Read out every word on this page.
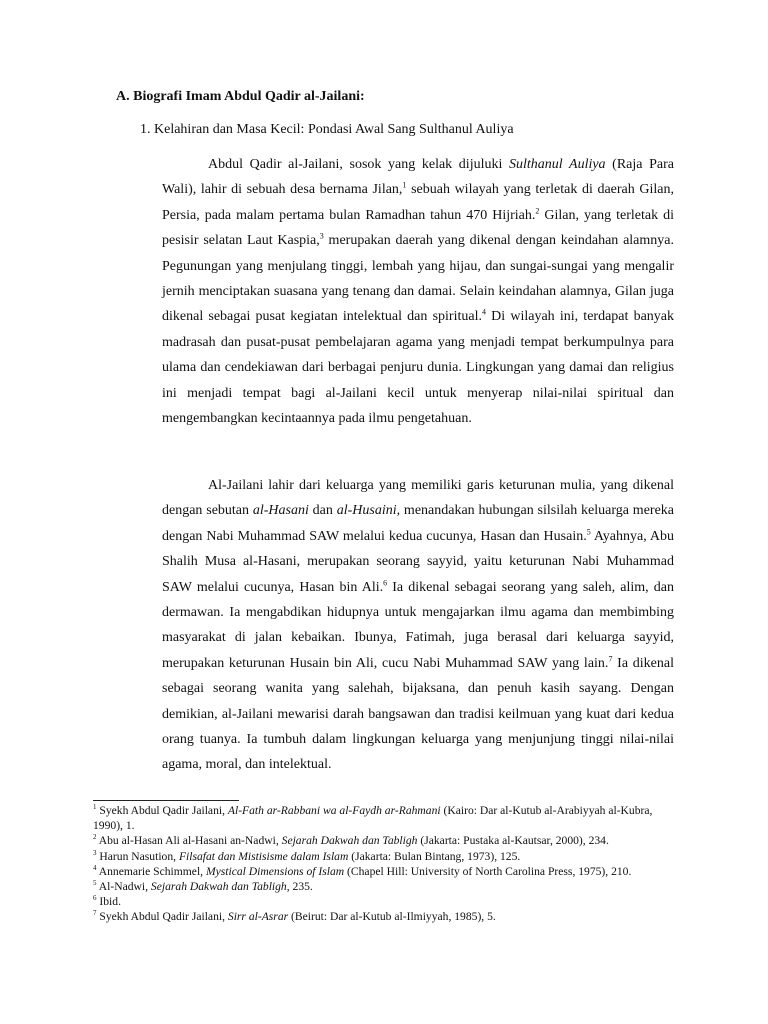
A. Biografi Imam Abdul Qadir al-Jailani:

1. Kelahiran dan Masa Kecil: Pondasi Awal Sang Sulthanul Auliya

Abdul Qadir al-Jailani, sosok yang kelak dijuluki Sulthanul Auliya (Raja Para Wali), lahir di sebuah desa bernama Jilan,$^1$ sebuah wilayah yang terletak di daerah Gilan, Persia, pada malam pertama bulan Ramadhan tahun 470 Hijriah.$^2$ Gilan, yang terletak di pesisir selatan Laut Kaspia,$^3$ merupakan daerah yang dikenal dengan keindahan alamnya. Pegunungan yang menjulang tinggi, lembah yang hijau, dan sungai-sungai yang mengalir jernih menciptakan suasana yang tenang dan damai. Selain keindahan alamnya, Gilan juga dikenal sebagai pusat kegiatan intelektual dan spiritual.$^4$ Di wilayah ini, terdapat banyak madrasah dan pusat-pusat pembelajaran agama yang menjadi tempat berkumpulnya para ulama dan cendekiawan dari berbagai penjuru dunia. Lingkungan yang damai dan religius ini menjadi tempat bagi al-Jailani kecil untuk menyerap nilai-nilai spiritual dan mengembangkan kecintaannya pada ilmu pengetahuan.

Al-Jailani lahir dari keluarga yang memiliki garis keturunan mulia, yang dikenal dengan sebutan al-Hasani dan al-Husaini, menandakan hubungan silsilah keluarga mereka dengan Nabi Muhammad SAW melalui kedua cucunya, Hasan dan Husain.$^5$ Ayahnya, Abu Shalih Musa al-Hasani, merupakan seorang sayyid, yaitu keturunan Nabi Muhammad SAW melalui cucunya, Hasan bin Ali.$^6$ Ia dikenal sebagai seorang yang saleh, alim, dan dermawan. Ia mengabdikan hidupnya untuk mengajarkan ilmu agama dan membimbing masyarakat di jalan kebaikan. Ibunya, Fatimah, juga berasal dari keluarga sayyid, merupakan keturunan Husain bin Ali, cucu Nabi Muhammad SAW yang lain.$^7$ Ia dikenal sebagai seorang wanita yang salehah, bijaksana, dan penuh kasih sayang. Dengan demikian, al-Jailani mewarisi darah bangsawan dan tradisi keilmuan yang kuat dari kedua orang tuanya. Ia tumbuh dalam lingkungan keluarga yang menjunjung tinggi nilai-nilai agama, moral, dan intelektual.

$^1$ Syekh Abdul Qadir Jailani, Al-Fath ar-Rabbani wa al-Faydh ar-Rahmani (Kairo: Dar al-Kutub al-Arabiyyah al-Kubra, 1990), 1.
$^2$ Abu al-Hasan Ali al-Hasani an-Nadwi, Sejarah Dakwah dan Tabligh (Jakarta: Pustaka al-Kautsar, 2000), 234.
$^3$ Harun Nasution, Filsafat dan Mistisisme dalam Islam (Jakarta: Bulan Bintang, 1973), 125.
$^4$ Annemarie Schimmel, Mystical Dimensions of Islam (Chapel Hill: University of North Carolina Press, 1975), 210.
$^5$ Al-Nadwi, Sejarah Dakwah dan Tabligh, 235.
$^6$ Ibid.
$^7$ Syekh Abdul Qadir Jailani, Sirr al-Asrar (Beirut: Dar al-Kutub al-Ilmiyyah, 1985), 5.
